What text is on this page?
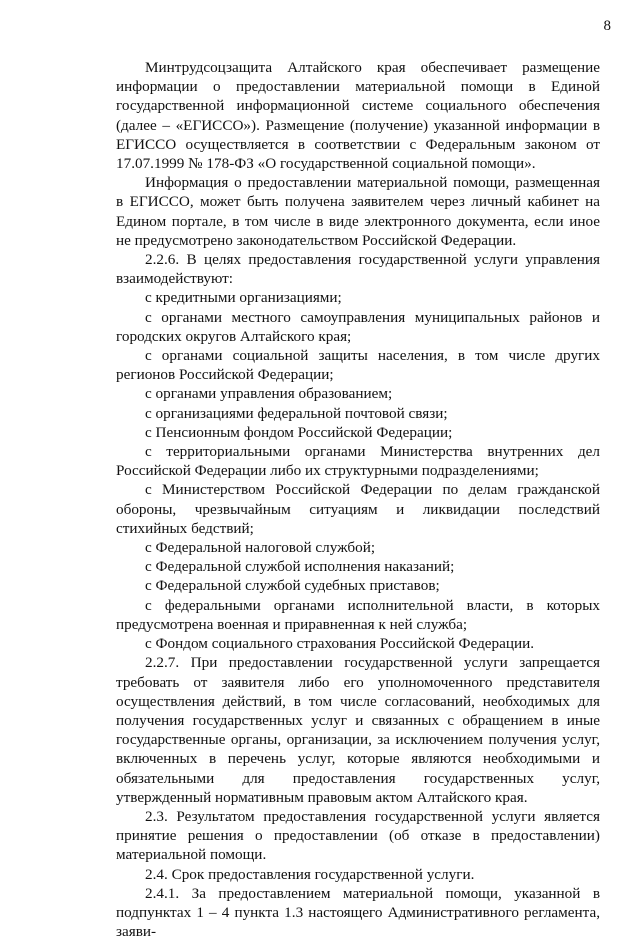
8

Минтрудсоцзащита Алтайского края обеспечивает размещение информации о предоставлении материальной помощи в Единой государственной информационной системе социального обеспечения (далее – «ЕГИССО»). Размещение (получение) указанной информации в ЕГИССО осуществляется в соответствии с Федеральным законом от 17.07.1999 № 178-ФЗ «О государственной социальной помощи».

Информация о предоставлении материальной помощи, размещенная в ЕГИССО, может быть получена заявителем через личный кабинет на Едином портале, в том числе в виде электронного документа, если иное не предусмотрено законодательством Российской Федерации.

2.2.6. В целях предоставления государственной услуги управления взаимодействуют:

с кредитными организациями;

с органами местного самоуправления муниципальных районов и городских округов Алтайского края;

с органами социальной защиты населения, в том числе других регионов Российской Федерации;

с органами управления образованием;

с организациями федеральной почтовой связи;

с Пенсионным фондом Российской Федерации;

с территориальными органами Министерства внутренних дел Российской Федерации либо их структурными подразделениями;

с Министерством Российской Федерации по делам гражданской обороны, чрезвычайным ситуациям и ликвидации последствий стихийных бедствий;

с Федеральной налоговой службой;

с Федеральной службой исполнения наказаний;

с Федеральной службой судебных приставов;

с федеральными органами исполнительной власти, в которых предусмотрена военная и приравненная к ней служба;

с Фондом социального страхования Российской Федерации.

2.2.7. При предоставлении государственной услуги запрещается требовать от заявителя либо его уполномоченного представителя осуществления действий, в том числе согласований, необходимых для получения государственных услуг и связанных с обращением в иные государственные органы, организации, за исключением получения услуг, включенных в перечень услуг, которые являются необходимыми и обязательными для предоставления государственных услуг, утвержденный нормативным правовым актом Алтайского края.

2.3. Результатом предоставления государственной услуги является принятие решения о предоставлении (об отказе в предоставлении) материальной помощи.

2.4. Срок предоставления государственной услуги.

2.4.1. За предоставлением материальной помощи, указанной в подпунктах 1 – 4 пункта 1.3 настоящего Административного регламента, заяви-
